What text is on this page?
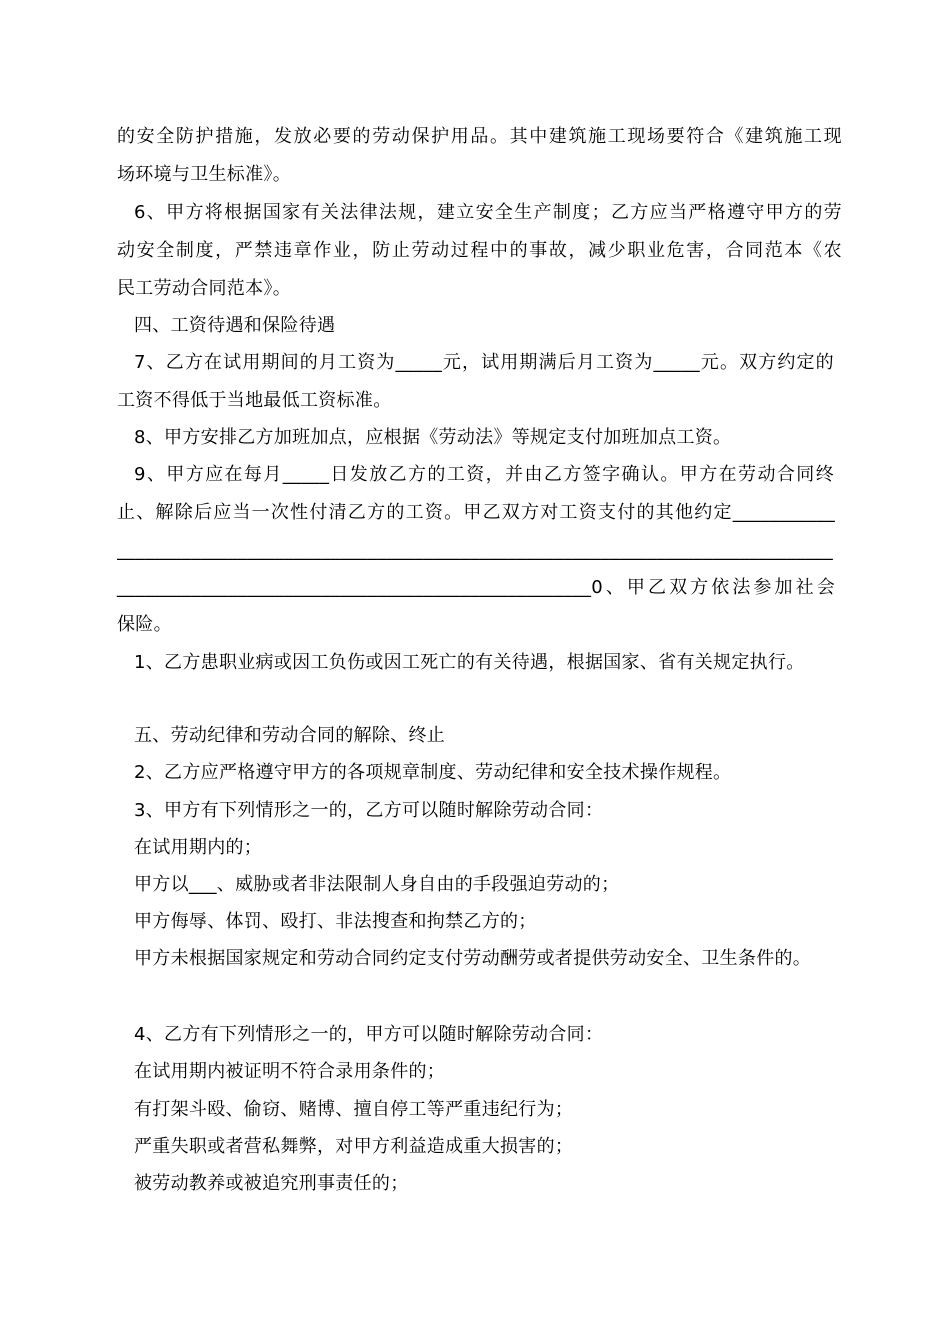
的安全防护措施，发放必要的劳动保护用品。其中建筑施工现场要符合《建筑施工现
场环境与卫生标准》。
6、甲方将根据国家有关法律法规，建立安全生产制度；乙方应当严格遵守甲方的劳
动安全制度，严禁违章作业，防止劳动过程中的事故，减少职业危害，合同范本《农
民工劳动合同范本》。
四、工资待遇和保险待遇
7、乙方在试用期间的月工资为_____元，试用期满后月工资为_____元。双方约定的
工资不得低于当地最低工资标准。
8、甲方安排乙方加班加点，应根据《劳动法》等规定支付加班加点工资。
9、甲方应在每月_____日发放乙方的工资，并由乙方签字确认。甲方在劳动合同终
止、解除后应当一次性付清乙方的工资。甲乙双方对工资支付的其他约定___________
_____________________________________________________________________________
___________________________________________________0、甲乙双方依法参加社会
保险。
1、乙方患职业病或因工负伤或因工死亡的有关待遇，根据国家、省有关规定执行。
五、劳动纪律和劳动合同的解除、终止
2、乙方应严格遵守甲方的各项规章制度、劳动纪律和安全技术操作规程。
3、甲方有下列情形之一的，乙方可以随时解除劳动合同：
在试用期内的；
甲方以___、威胁或者非法限制人身自由的手段强迫劳动的；
甲方侮辱、体罚、殴打、非法搜查和拘禁乙方的；
甲方未根据国家规定和劳动合同约定支付劳动酬劳或者提供劳动安全、卫生条件的。
4、乙方有下列情形之一的，甲方可以随时解除劳动合同：
在试用期内被证明不符合录用条件的；
有打架斗殴、偷窃、赌博、擅自停工等严重违纪行为；
严重失职或者营私舞弊，对甲方利益造成重大损害的；
被劳动教养或被追究刑事责任的；
